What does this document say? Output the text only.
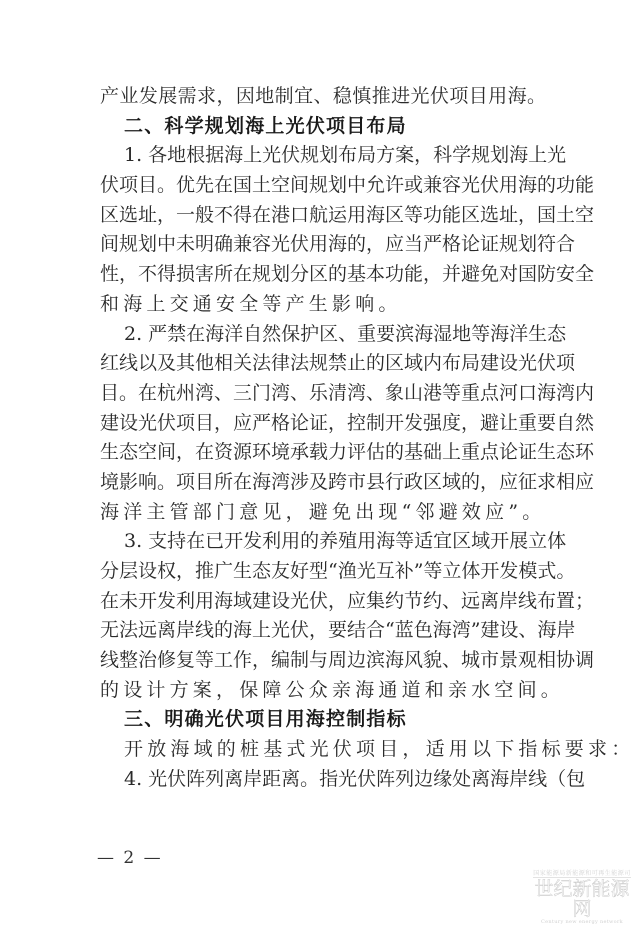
产业发展需求，因地制宜、稳慎推进光伏项目用海。
二、科学规划海上光伏项目布局
1. 各地根据海上光伏规划布局方案，科学规划海上光
伏项目。优先在国土空间规划中允许或兼容光伏用海的功能
区选址，一般不得在港口航运用海区等功能区选址，国土空
间规划中未明确兼容光伏用海的，应当严格论证规划符合
性，不得损害所在规划分区的基本功能，并避免对国防安全
和海上交通安全等产生影响。
2. 严禁在海洋自然保护区、重要滨海湿地等海洋生态
红线以及其他相关法律法规禁止的区域内布局建设光伏项
目。在杭州湾、三门湾、乐清湾、象山港等重点河口海湾内
建设光伏项目，应严格论证，控制开发强度，避让重要自然
生态空间，在资源环境承载力评估的基础上重点论证生态环
境影响。项目所在海湾涉及跨市县行政区域的，应征求相应
海洋主管部门意见，避免出现“邻避效应”。
3. 支持在已开发利用的养殖用海等适宜区域开展立体
分层设权，推广生态友好型“渔光互补”等立体开发模式。
在未开发利用海域建设光伏，应集约节约、远离岸线布置；
无法远离岸线的海上光伏，要结合“蓝色海湾”建设、海岸
线整治修复等工作，编制与周边滨海风貌、城市景观相协调
的设计方案，保障公众亲海通道和亲水空间。
三、明确光伏项目用海控制指标
开放海域的桩基式光伏项目，适用以下指标要求：
4. 光伏阵列离岸距离。指光伏阵列边缘处离海岸线（包
— 2 —
国家能源局新能源和可再生能源司
世纪新能源网
Century new energy network
